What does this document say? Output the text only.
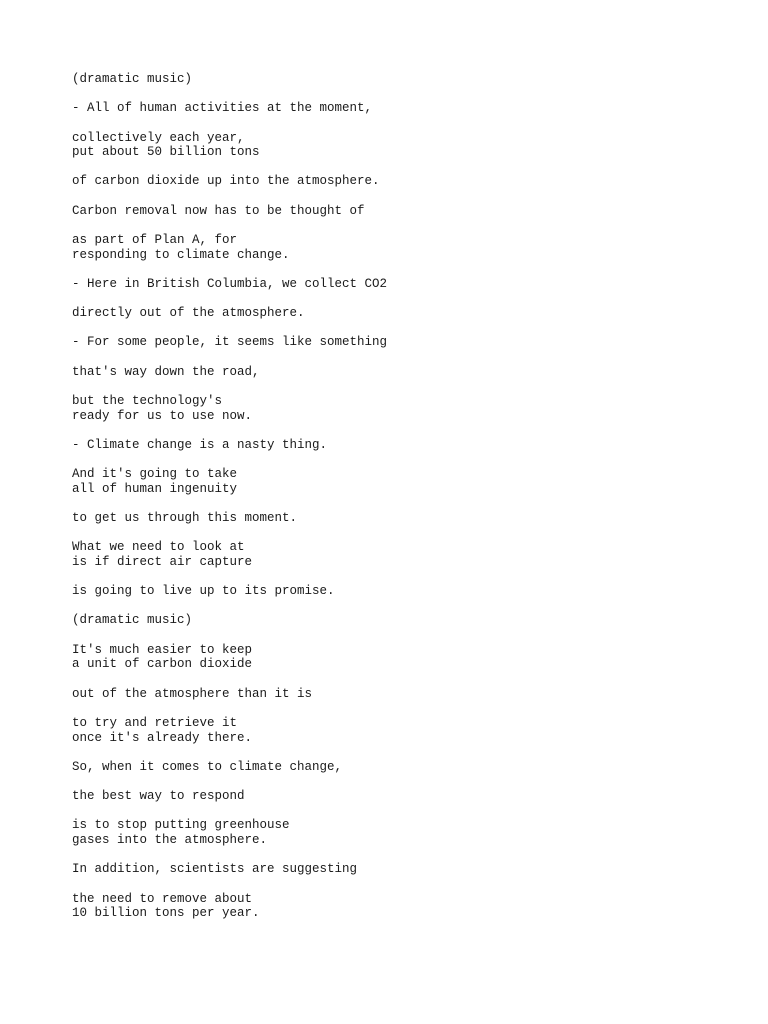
(dramatic music)

- All of human activities at the moment,

collectively each year,
put about 50 billion tons

of carbon dioxide up into the atmosphere.

Carbon removal now has to be thought of

as part of Plan A, for
responding to climate change.

- Here in British Columbia, we collect CO2

directly out of the atmosphere.

- For some people, it seems like something

that's way down the road,

but the technology's
ready for us to use now.

- Climate change is a nasty thing.

And it's going to take
all of human ingenuity

to get us through this moment.

What we need to look at
is if direct air capture

is going to live up to its promise.

(dramatic music)

It's much easier to keep
a unit of carbon dioxide

out of the atmosphere than it is

to try and retrieve it
once it's already there.

So, when it comes to climate change,

the best way to respond

is to stop putting greenhouse
gases into the atmosphere.

In addition, scientists are suggesting

the need to remove about
10 billion tons per year.
